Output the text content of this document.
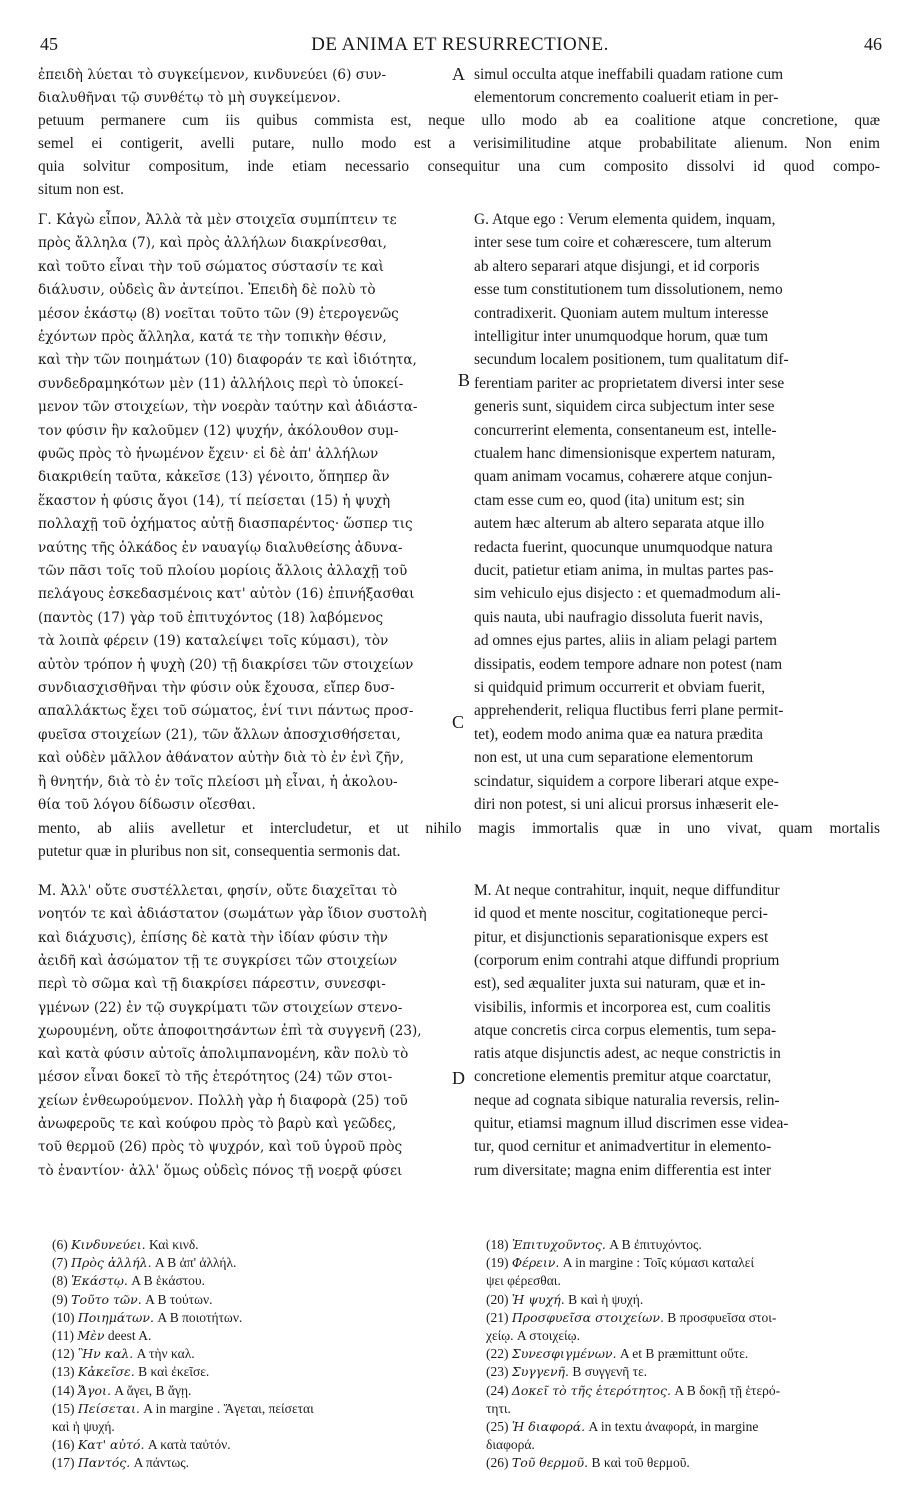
45	DE ANIMA ET RESURRECTIONE.	46
A
B
C
D
ἐπειδὴ λύεται τὸ συγκείμενον, κινδυνεύει (6) συν-
διαλυθῆναι τῷ συνθέτῳ τὸ μὴ συγκείμενον.
simul occulta atque ineffabili quadam ratione cum
elementorum concremento coaluerit etiam in per-
petuum permanere cum iis quibus commista est, neque ullo modo ab ea coalitione atque concretione, quæ
semel ei contigerit, avelli putare, nullo modo est a verisimilitudine atque probabilitate alienum. Non enim
quia solvitur compositum, inde etiam necessario consequitur una cum composito dissolvi id quod compo-
situm non est.
Γ. Κἀγὼ εἶπον, Ἀλλὰ τὰ μὲν στοιχεῖα συμπίπτειν τε
πρὸς ἄλληλα (7), καὶ πρὸς ἀλλήλων διακρίνεσθαι,
καὶ τοῦτο εἶναι τὴν τοῦ σώματος σύστασίν τε καὶ
διάλυσιν, οὐδεὶς ἂν ἀντείποι. Ἐπειδὴ δὲ πολὺ τὸ
μέσον ἑκάστῳ (8) νοεῖται τοῦτο τῶν (9) ἑτερογενῶς
ἐχόντων πρὸς ἄλληλα, κατά τε τὴν τοπικὴν θέσιν,
καὶ τὴν τῶν ποιημάτων (10) διαφοράν τε καὶ ἰδιότητα,
συνδεδραμηκότων μὲν (11) ἀλλήλοις περὶ τὸ ὑποκεί-
μενον τῶν στοιχείων, τὴν νοερὰν ταύτην καὶ ἀδιάστα-
τον φύσιν ἣν καλοῦμεν (12) ψυχήν, ἀκόλουθον συμ-
φυῶς πρὸς τὸ ἡνωμένον ἔχειν· εἰ δὲ ἀπ' ἀλλήλων
διακριθείη ταῦτα, κἀκεῖσε (13) γένοιτο, ὅπηπερ ἂν
ἕκαστον ἡ φύσις ἄγοι (14), τί πείσεται (15) ἡ ψυχὴ
πολλαχῇ τοῦ ὀχήματος αὐτῇ διασπαρέντος· ὥσπερ τις
ναύτης τῆς ὁλκάδος ἐν ναυαγίῳ διαλυθείσης ἀδυνα-
τῶν πᾶσι τοῖς τοῦ πλοίου μορίοις ἄλλοις ἀλλαχῇ τοῦ
πελάγους ἐσκεδασμένοις κατ' αὐτὸν (16) ἐπινήξασθαι
(παντὸς (17) γὰρ τοῦ ἐπιτυχόντος (18) λαβόμενος
τὰ λοιπὰ φέρειν (19) καταλείψει τοῖς κύμασι), τὸν
αὐτὸν τρόπον ἡ ψυχὴ (20) τῇ διακρίσει τῶν στοιχείων
συνδιασχισθῆναι τὴν φύσιν οὐκ ἔχουσα, εἴπερ δυσ-
απαλλάκτως ἔχει τοῦ σώματος, ἑνί τινι πάντως προσ-
φυεῖσα στοιχείων (21), τῶν ἄλλων ἀποσχισθήσεται,
καὶ οὐδὲν μᾶλλον ἀθάνατον αὐτὴν διὰ τὸ ἐν ἑνὶ ζῆν,
ἢ θνητήν, διὰ τὸ ἐν τοῖς πλείοσι μὴ εἶναι, ἡ ἀκολου-
θία τοῦ λόγου δίδωσιν οἴεσθαι.
G. Atque ego : Verum elementa quidem, inquam,
inter sese tum coire et cohærescere, tum alterum
ab altero separari atque disjungi, et id corporis
esse tum constitutionem tum dissolutionem, nemo
contradixerit. Quoniam autem multum interesse
intelligitur inter unumquodque horum, quæ tum
secundum localem positionem, tum qualitatum dif-
ferentiam pariter ac proprietatem diversi inter sese
generis sunt, siquidem circa subjectum inter sese
concurrerint elementa, consentaneum est, intelle-
ctualem hanc dimensionisque expertem naturam,
quam animam vocamus, cohærere atque conjun-
ctam esse cum eo, quod (ita) unitum est; sin
autem hæc alterum ab altero separata atque illo
redacta fuerint, quocunque unumquodque natura
ducit, patietur etiam anima, in multas partes pas-
sim vehiculo ejus disjecto : et quemadmodum ali-
quis nauta, ubi naufragio dissoluta fuerit navis,
ad omnes ejus partes, aliis in aliam pelagi partem
dissipatis, eodem tempore adnare non potest (nam
si quidquid primum occurrerit et obviam fuerit,
apprehenderit, reliqua fluctibus ferri plane permit-
tet), eodem modo anima quæ ea natura prædita
non est, ut una cum separatione elementorum
scindatur, siquidem a corpore liberari atque expe-
diri non potest, si uni alicui prorsus inhæserit ele-
mento, ab aliis avelletur et intercludetur, et ut nihilo magis immortalis quæ in uno vivat, quam mortalis
putetur quæ in pluribus non sit, consequentia sermonis dat.
Μ. Ἀλλ' οὔτε συστέλλεται, φησίν, οὔτε διαχεῖται τὸ
νοητόν τε καὶ ἀδιάστατον (σωμάτων γὰρ ἴδιον συστολὴ
καὶ διάχυσις), ἐπίσης δὲ κατὰ τὴν ἰδίαν φύσιν τὴν
ἀειδῆ καὶ ἀσώματον τῇ τε συγκρίσει τῶν στοιχείων
περὶ τὸ σῶμα καὶ τῇ διακρίσει πάρεστιν, συνεσφι-
γμένων (22) ἐν τῷ συγκρίματι τῶν στοιχείων στενο-
χωρουμένη, οὔτε ἀποφοιτησάντων ἐπὶ τὰ συγγενῆ (23),
καὶ κατὰ φύσιν αὐτοῖς ἀπολιμπανομένη, κἂν πολὺ τὸ
μέσον εἶναι δοκεῖ τὸ τῆς ἑτερότητος (24) τῶν στοι-
χείων ἐνθεωρούμενον. Πολλὴ γὰρ ἡ διαφορὰ (25) τοῦ
ἀνωφεροῦς τε καὶ κούφου πρὸς τὸ βαρὺ καὶ γεῶδες,
τοῦ θερμοῦ (26) πρὸς τὸ ψυχρόν, καὶ τοῦ ὑγροῦ πρὸς
τὸ ἐναντίον· ἀλλ' ὅμως οὐδεὶς πόνος τῇ νοερᾷ φύσει
M. At neque contrahitur, inquit, neque diffunditur
id quod et mente noscitur, cogitationeque perci-
pitur, et disjunctionis separationisque expers est
(corporum enim contrahi atque diffundi proprium
est), sed æqualiter juxta sui naturam, quæ et in-
visibilis, informis et incorporea est, cum coalitis
atque concretis circa corpus elementis, tum sepa-
ratis atque disjunctis adest, ac neque constrictis in
concretione elementis premitur atque coarctatur,
neque ad cognata sibique naturalia reversis, relin-
quitur, etiamsi magnum illud discrimen esse videa-
tur, quod cernitur et animadvertitur in elemento-
rum diversitate; magna enim differentia est inter
(6) Κινδυνεύει. Καὶ κινδ.
(7) Πρὸς ἀλλήλ. A B ἀπ' ἀλλήλ.
(8) Ἑκάστῳ. A B ἑκάστου.
(9) Τοῦτο τῶν. A B τούτων.
(10) Ποιημάτων. A B ποιοτήτων.
(11) Μὲν deest A.
(12) Ἣν καλ. A τὴν καλ.
(13) Κἀκεῖσε. B καὶ ἐκεῖσε.
(14) Ἄγοι. A ἄγει, B ἄγῃ.
(15) Πείσεται. A in margine . Ἄγεται, πείσεται
καὶ ἡ ψυχή.
(16) Κατ' αὐτό. A κατὰ ταὐτόν.
(17) Παντός. A πάντως.
(18) Ἐπιτυχοῦντος. A B ἐπιτυχόντος.
(19) Φέρειν. A in margine : Τοῖς κύμασι καταλεί
ψει φέρεσθαι.
(20) Ἡ ψυχή. B καὶ ἡ ψυχή.
(21) Προσφυεῖσα στοιχείων. B προσφυεῖσα στοι-
χείῳ. A στοιχείῳ.
(22) Συνεσφιγμένων. A et B præmittunt οὔτε.
(23) Συγγενῆ. B συγγενῆ τε.
(24) Δοκεῖ τὸ τῆς ἑτερότητος. A B δοκῇ τῇ ἑτερό-
τητι.
(25) Ἡ διαφορά. A in textu ἀναφορά, in margine
διαφορά.
(26) Τοῦ θερμοῦ. B καὶ τοῦ θερμοῦ.
